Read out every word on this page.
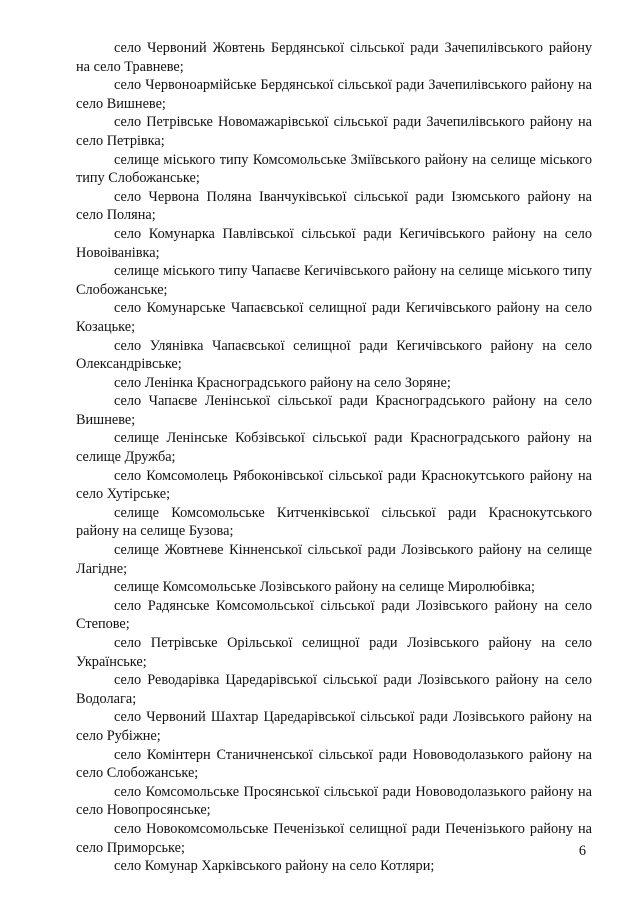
село Червоний Жовтень Бердянської сільської ради Зачепилівського району на село Травневе;

село Червоноармійське Бердянської сільської ради Зачепилівського району на село Вишневе;

село Петрівське Новомажарівської сільської ради Зачепилівського району на село Петрівка;

селище міського типу Комсомольське Зміївського району на селище міського типу Слобожанське;

село Червона Поляна Іванчуківської сільської ради Ізюмського району на село Поляна;

село Комунарка Павлівської сільської ради Кегичівського району на село Новоіванівка;

селище міського типу Чапаєве Кегичівського району на селище міського типу Слобожанське;

село Комунарське Чапаєвської селищної ради Кегичівського району на село Козацьке;

село Улянівка Чапаєвської селищної ради Кегичівського району на село Олександрівське;

село Ленінка Красноградського району на село Зоряне;

село Чапаєве Ленінської сільської ради Красноградського району на село Вишневе;

селище Ленінське Кобзівської сільської ради Красноградського району на селище Дружба;

село Комсомолець Рябоконівської сільської ради Краснокутського району на село Хутірське;

селище Комсомольське Китченківської сільської ради Краснокутського району на селище Бузова;

селище Жовтневе Кінненської сільської ради Лозівського району на селище Лагідне;

селище Комсомольське Лозівського району на селище Миролюбівка;

село Радянське Комсомольської сільської ради Лозівського району на село Степове;

село Петрівське Орільської селищної ради Лозівського району на село Українське;

село Реводарівка Царедарівської сільської ради Лозівського району на село Водолага;

село Червоний Шахтар Царедарівської сільської ради Лозівського району на село Рубіжне;

село Комінтерн Станичненської сільської ради Нововодолазького району на село Слобожанське;

село Комсомольське Просянської сільської ради Нововодолазького району на село Новопросянське;

село Новокомсомольське Печенізької селищної ради Печенізького району на село Приморське;

село Комунар Харківського району на село Котляри;

6
